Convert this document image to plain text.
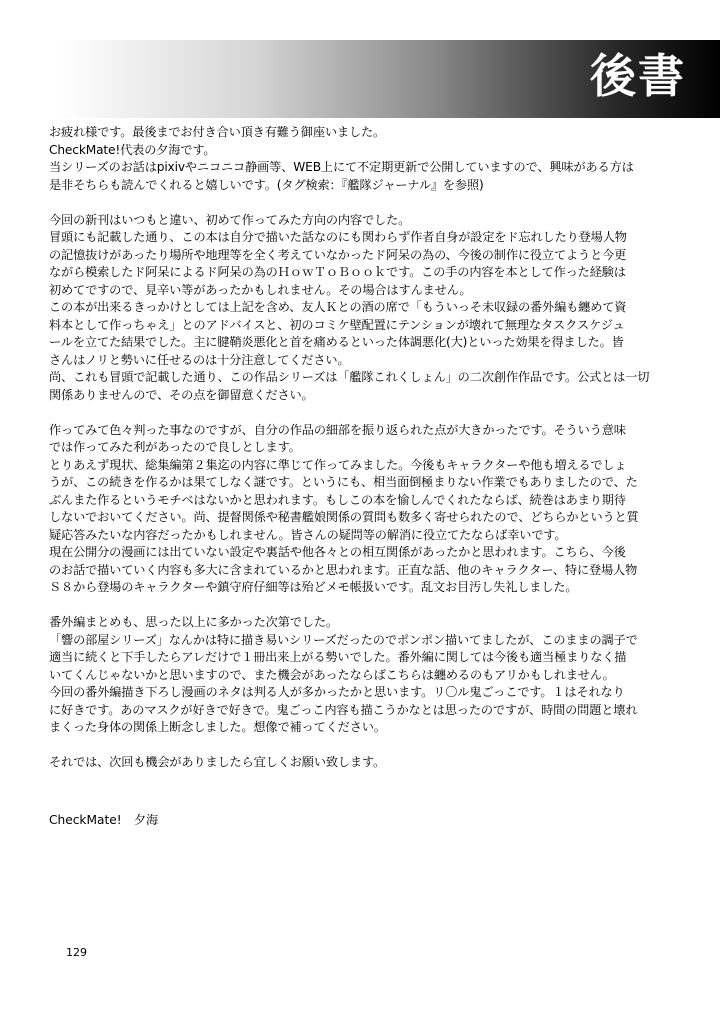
後書
お疲れ様です。最後までお付き合い頂き有難う御座いました。
CheckMate!代表の夕海です。
当シリーズのお話はpixivやニコニコ静画等、WEB上にて不定期更新で公開していますので、興味がある方は
是非そちらも読んでくれると嬉しいです。(タグ検索：『艦隊ジャーナル』を参照)
今回の新刊はいつもと違い、初めて作ってみた方向の内容でした。
冒頭にも記載した通り、この本は自分で描いた話なのにも関わらず作者自身が設定をド忘れしたり登場人物
の記憶抜けがあったり場所や地理等を全く考えていなかったド阿呆の為の、今後の制作に役立てようと今更
ながら模索したド阿呆によるド阿呆の為のＨｏｗＴｏＢｏｏｋです。この手の内容を本として作った経験は
初めてですので、見辛い等があったかもしれません。その場合はすんません。
この本が出来るきっかけとしては上記を含め、友人Ｋとの酒の席で「もういっそ未収録の番外編も纏めて資
料本として作っちゃえ」とのアドバイスと、初のコミケ壁配置にテンションが壊れて無理なタスクスケジュ
ールを立てた結果でした。主に腱鞘炎悪化と首を痛めるといった体調悪化(大)といった効果を得ました。皆
さんはノリと勢いに任せるのは十分注意してください。
尚、これも冒頭で記載した通り、この作品シリーズは「艦隊これくしょん」の二次創作作品です。公式とは一切
関係ありませんので、その点を御留意ください。
作ってみて色々判った事なのですが、自分の作品の細部を振り返られた点が大きかったです。そういう意味
では作ってみた利があったので良しとします。
とりあえず現状、総集編第２集迄の内容に準じて作ってみました。今後もキャラクターや他も増えるでしょ
うが、この続きを作るかは果てしなく謎です。というにも、相当面倒極まりない作業でもありましたので、た
ぶんまた作るというモチベはないかと思われます。もしこの本を愉しんでくれたならば、続巻はあまり期待
しないでおいてください。尚、提督関係や秘書艦娘関係の質問も数多く寄せられたので、どちらかというと質
疑応答みたいな内容だったかもしれません。皆さんの疑問等の解消に役立てたならば幸いです。
現在公開分の漫画には出ていない設定や裏話や他各々との相互関係があったかと思われます。こちら、今後
のお話で描いていく内容も多大に含まれているかと思われます。正直な話、他のキャラクター、特に登場人物
Ｓ８から登場のキャラクターや鎮守府仔細等は殆どメモ帳扱いです。乱文お目汚し失礼しました。
番外編まとめも、思った以上に多かった次第でした。
「響の部屋シリーズ」なんかは特に描き易いシリーズだったのでポンポン描いてましたが、このままの調子で
適当に続くと下手したらアレだけで１冊出来上がる勢いでした。番外編に関しては今後も適当極まりなく描
いてくんじゃないかと思いますので、また機会があったならばこちらは纏めるのもアリかもしれません。
今回の番外編描き下ろし漫画のネタは判る人が多かったかと思います。リ〇ル鬼ごっこです。１はそれなり
に好きです。あのマスクが好きで好きで。鬼ごっこ内容も描こうかなとは思ったのですが、時間の問題と壊れ
まくった身体の関係上断念しました。想像で補ってください。
それでは、次回も機会がありましたら宜しくお願い致します。
CheckMate!　夕海
129
